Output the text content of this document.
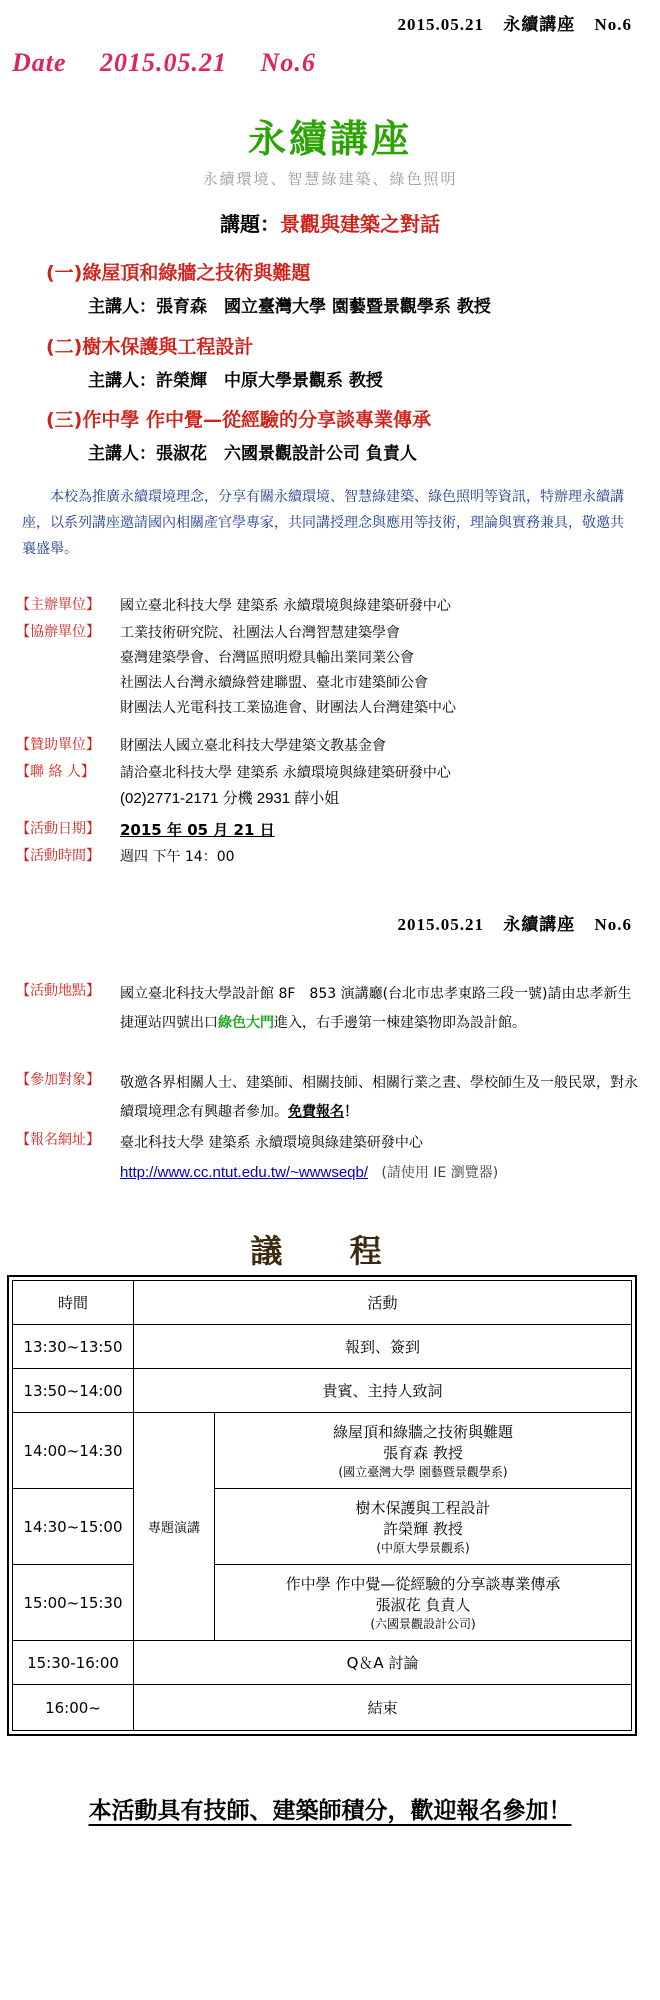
2015.05.21 永續講座 No.6
Date 2015.05.21 No.6
永續講座
永續環境、智慧綠建築、綠色照明
講題：景觀與建築之對話
(一)綠屋頂和綠牆之技術與難題
主講人：張育森　國立臺灣大學 園藝暨景觀學系 教授
(二)樹木保護與工程設計
主講人：許榮輝　中原大學景觀系 教授
(三)作中學 作中覺—從經驗的分享談專業傳承
主講人：張淑花　六國景觀設計公司 負責人
本校為推廣永續環境理念，分享有關永續環境、智慧綠建築、綠色照明等資訊，特辦理永續講座，以系列講座邀請國內相關產官學專家，共同講授理念與應用等技術，理論與實務兼具，敬邀共襄盛舉。
【主辦單位】 國立臺北科技大學 建築系 永續環境與綠建築研發中心
【協辦單位】 工業技術研究院、社團法人台灣智慧建築學會
臺灣建築學會、台灣區照明燈具輸出業同業公會
社團法人台灣永續綠營建聯盟、臺北市建築師公會
財團法人光電科技工業協進會、財團法人台灣建築中心
【贊助單位】 財團法人國立臺北科技大學建築文教基金會
【聯 絡 人】 請洽臺北科技大學 建築系 永續環境與綠建築研發中心
(02)2771-2171 分機 2931 薛小姐
【活動日期】 2015 年 05 月 21 日
【活動時間】 週四 下午 14：00
2015.05.21 永續講座 No.6
【活動地點】 國立臺北科技大學設計館 8F　853 演講廳(台北市忠孝東路三段一號)請由忠孝新生捷運站四號出口綠色大門進入，右手邊第一棟建築物即為設計館。
【參加對象】 敬邀各界相關人士、建築師、相關技師、相關行業之晝、學校師生及一般民眾，對永續環境理念有興趣者參加。免費報名！
【報名網址】 臺北科技大學 建築系 永續環境與綠建築研發中心
http://www.cc.ntut.edu.tw/~wwwseqb/ (請使用 IE 瀏覽器)
議 程
時間	活動	
13:30~13:50	報到、簽到	
13:50~14:00	貴賓、主持人致詞	
14:00~14:30	專題演講	綠屋頂和綠牆之技術與難題
張育森 教授
(國立臺灣大學 園藝暨景觀學系)

14:30~15:00		樹木保護與工程設計
許榮輝 教授
(中原大學景觀系)

15:00~15:30		作中學 作中覺—從經驗的分享談專業傳承
張淑花 負責人
(六國景觀設計公司)

15:30-16:00	Q＆A 討論	
16:00~	結束	
本活動具有技師、建築師積分，歡迎報名參加！
